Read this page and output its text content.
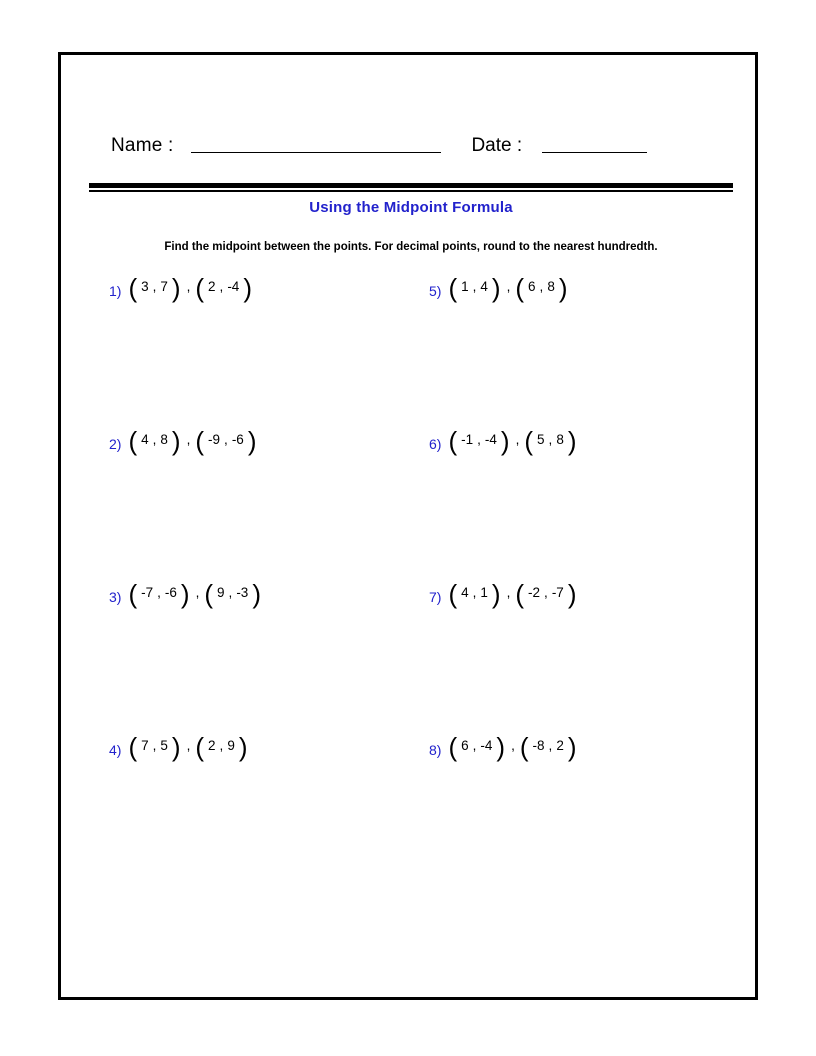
Name :	Date :
Using the Midpoint Formula
Find the midpoint between the points. For decimal points, round to the nearest hundredth.
1) ( 3 , 7 ) , ( 2 , -4 )
2) ( 4 , 8 ) , ( -9 , -6 )
3) ( -7 , -6 ) , ( 9 , -3 )
4) ( 7 , 5 ) , ( 2 , 9 )
5) ( 1 , 4 ) , ( 6 , 8 )
6) ( -1 , -4 ) , ( 5 , 8 )
7) ( 4 , 1 ) , ( -2 , -7 )
8) ( 6 , -4 ) , ( -8 , 2 )
